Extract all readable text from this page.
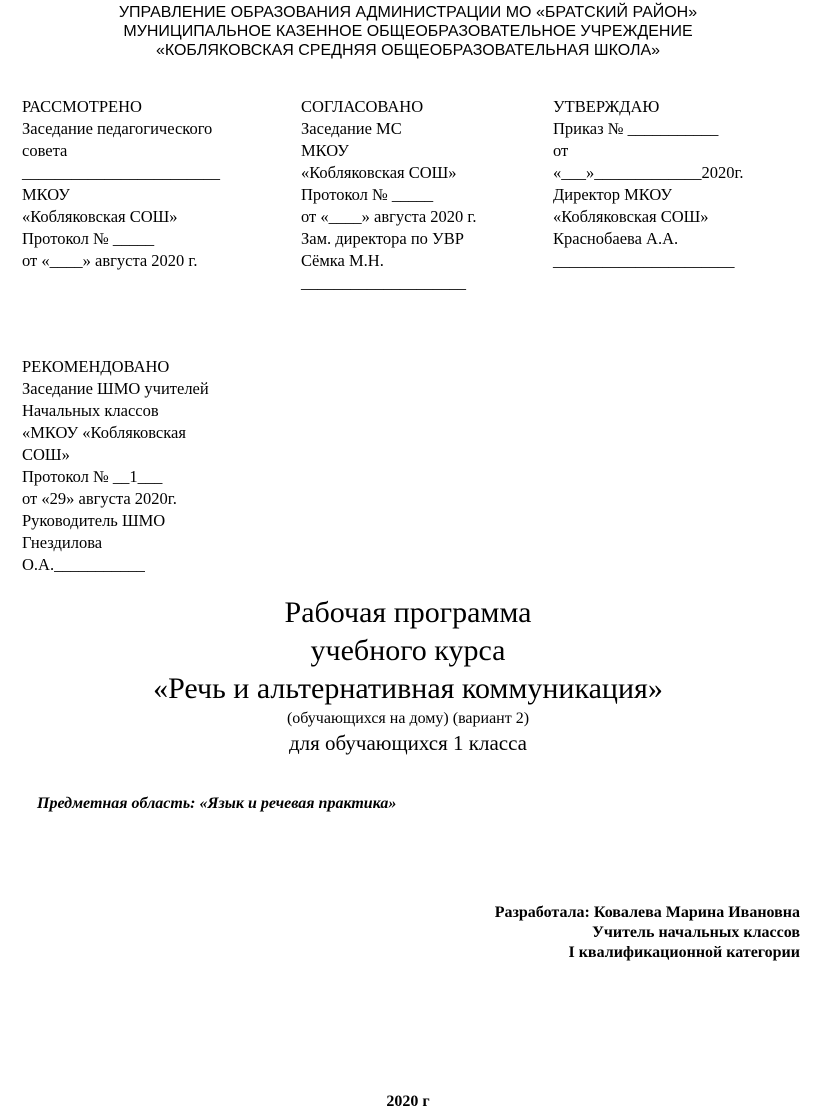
УПРАВЛЕНИЕ ОБРАЗОВАНИЯ АДМИНИСТРАЦИИ МО «БРАТСКИЙ РАЙОН»
МУНИЦИПАЛЬНОЕ КАЗЕННОЕ ОБЩЕОБРАЗОВАТЕЛЬНОЕ УЧРЕЖДЕНИЕ
«КОБЛЯКОВСКАЯ СРЕДНЯЯ ОБЩЕОБРАЗОВАТЕЛЬНАЯ ШКОЛА»
РАССМОТРЕНО
Заседание педагогического
совета
________________________
МКОУ
«Кобляковская СОШ»
Протокол № _____
от «____» августа 2020 г.
СОГЛАСОВАНО
Заседание МС
МКОУ
«Кобляковская СОШ»
Протокол № _____
от «____» августа 2020 г.
Зам. директора по УВР
Сёмка М.Н.
____________________
УТВЕРЖДАЮ
Приказ № ___________
от
«___»_____________2020г.
Директор МКОУ
«Кобляковская СОШ»
Краснобаева А.А.
______________________
РЕКОМЕНДОВАНО
Заседание ШМО учителей
Начальных классов
«МКОУ «Кобляковская
СОШ»
Протокол № __1___
от «29» августа 2020г.
Руководитель ШМО
Гнездилова
О.А.___________
Рабочая программа
учебного курса
«Речь и альтернативная коммуникация»
(обучающихся на дому) (вариант 2)
для обучающихся 1 класса
Предметная область: «Язык и речевая практика»
Разработала: Ковалева Марина Ивановна
Учитель начальных классов
I квалификационной категории
2020 г
